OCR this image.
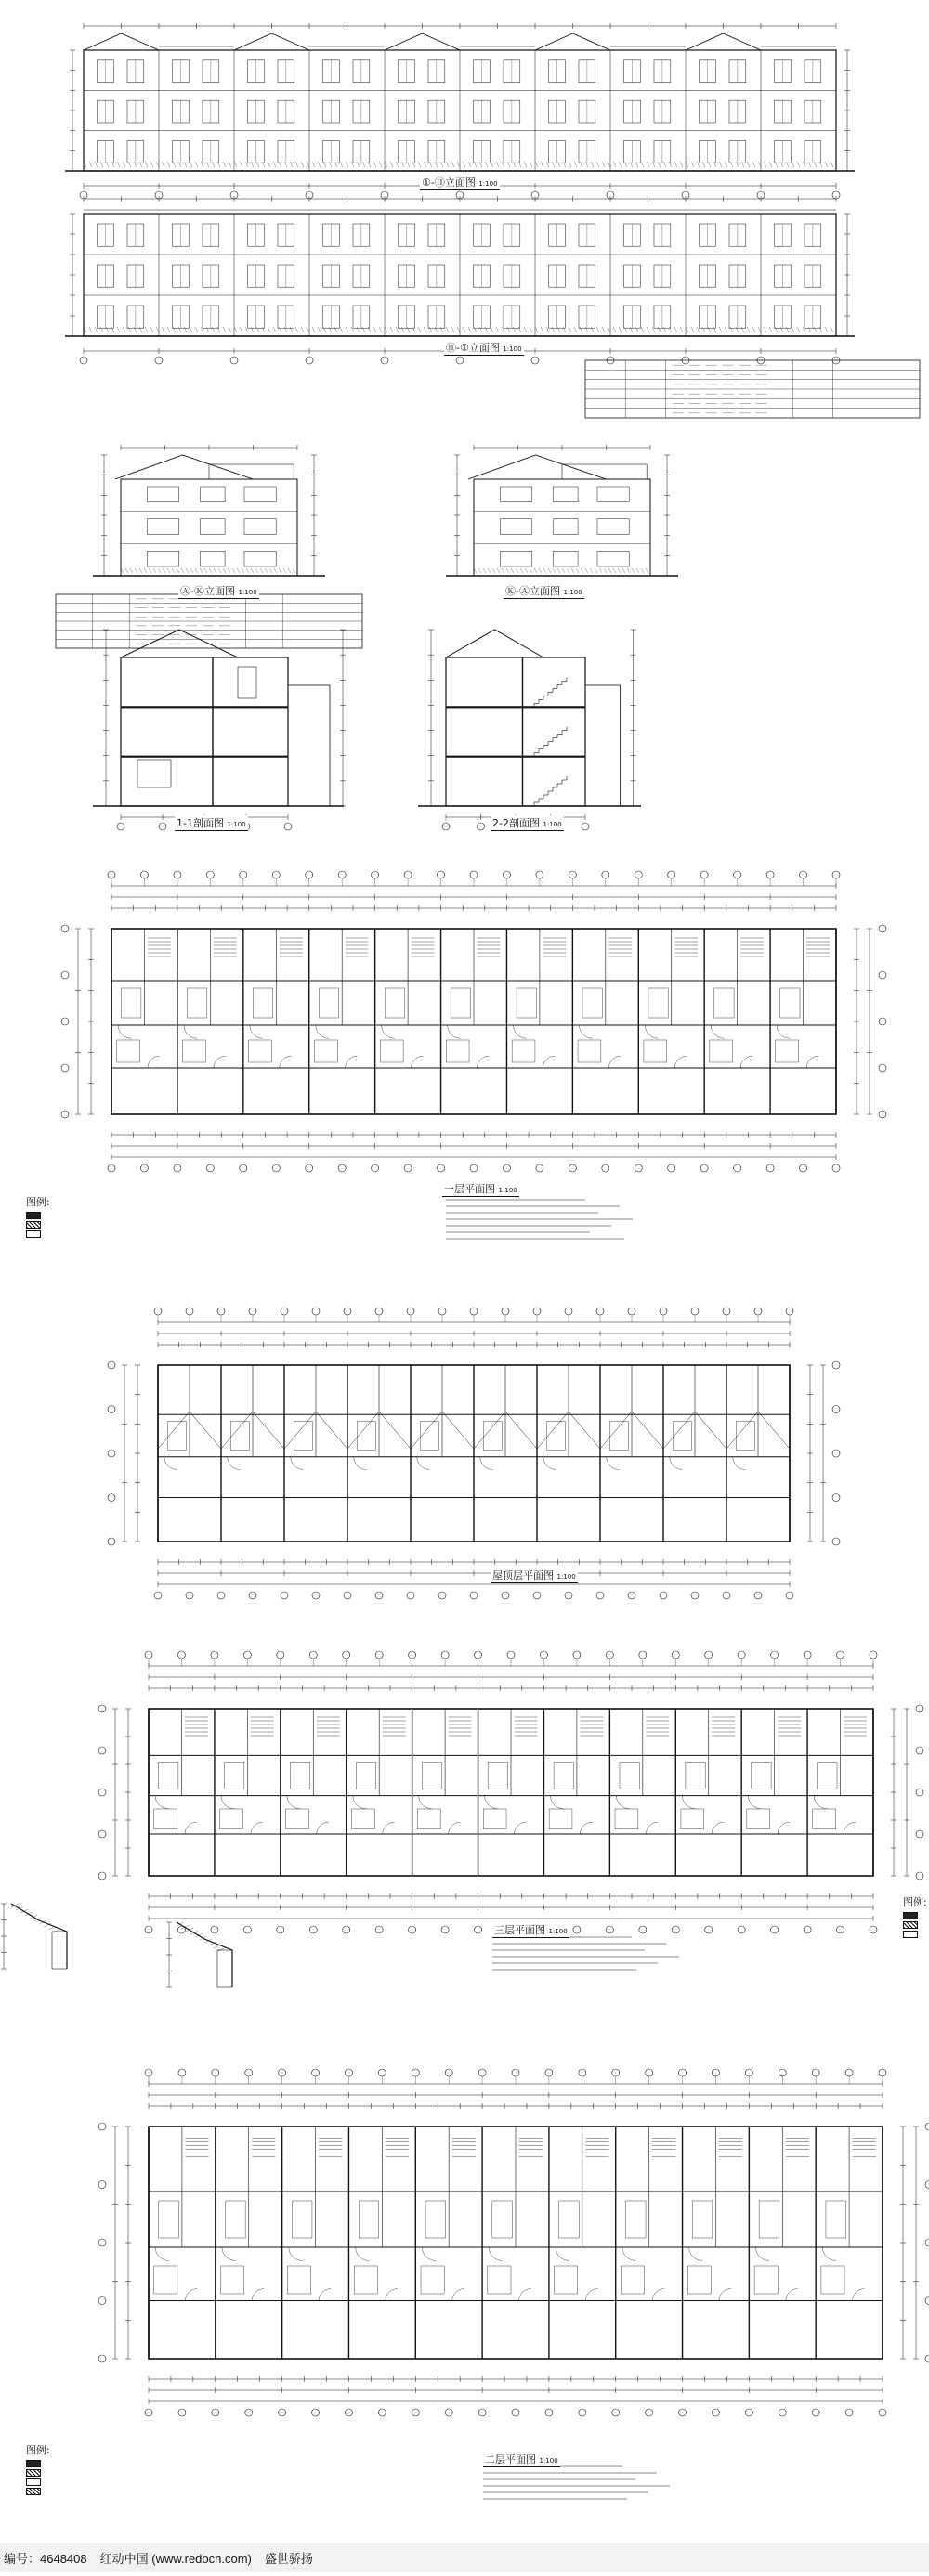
①-⑪立面图 1:100
⑪-①立面图 1:100
Ⓐ-Ⓚ立面图 1:100	Ⓚ-Ⓐ立面图 1:100
1-1剖面图 1:100	2-2剖面图 1:100
一层平面图 1:100
屋顶层平面图 1:100
三层平面图 1:100
二层平面图 1:100
图例:
图例:
图例:
编号：4648408 红动中国 (www.redocn.com) 盛世骄扬
